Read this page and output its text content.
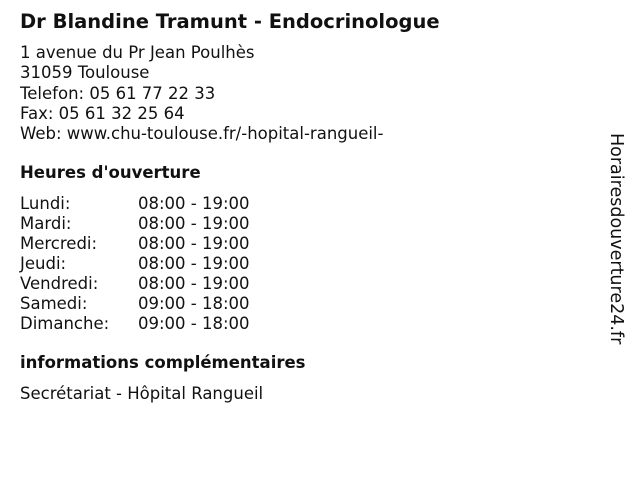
Dr Blandine Tramunt - Endocrinologue
1 avenue du Pr Jean Poulhès
31059 Toulouse
Telefon: 05 61 77 22 33
Fax: 05 61 32 25 64
Web: www.chu-toulouse.fr/-hopital-rangueil-
Heures d'ouverture
Lundi:	08:00 - 19:00
Mardi:	08:00 - 19:00
Mercredi: 08:00 - 19:00
Jeudi:	08:00 - 19:00
Vendredi: 08:00 - 19:00
Samedi:	09:00 - 18:00
Dimanche: 09:00 - 18:00
informations complémentaires
Secrétariat - Hôpital Rangueil
Horairesdouverture24.fr
